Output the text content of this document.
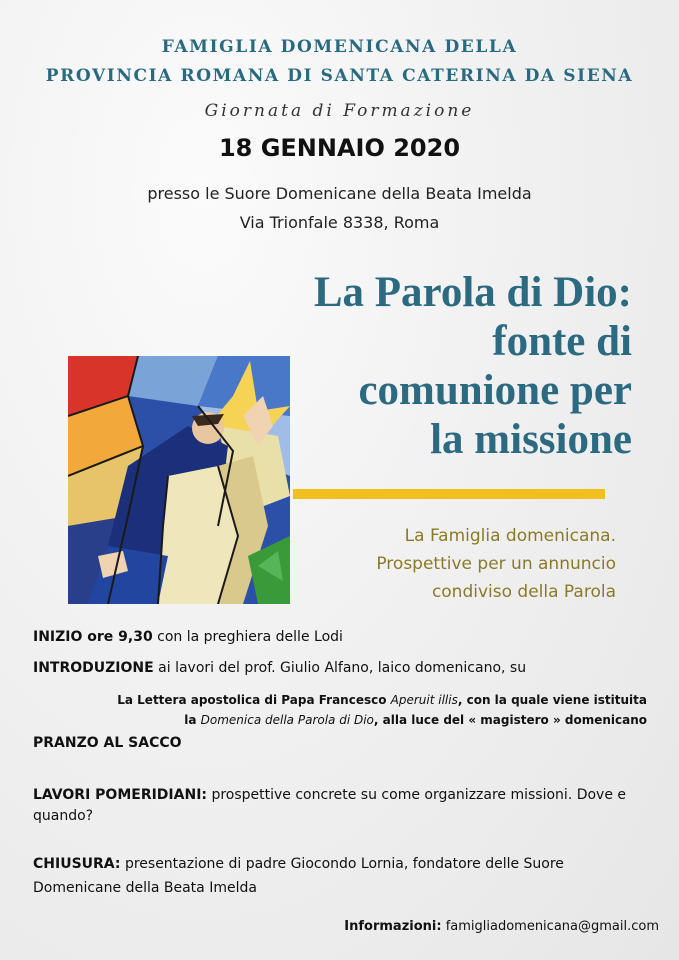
FAMIGLIA DOMENICANA DELLA
PROVINCIA ROMANA DI SANTA CATERINA DA SIENA
Giornata di Formazione
18 GENNAIO 2020
presso le Suore Domenicane della Beata Imelda
Via Trionfale 8338, Roma
La Parola di Dio:
fonte di
comunione per
la missione
La Famiglia domenicana.
Prospettive per un annuncio
condiviso della Parola
INIZIO ore 9,30 con la preghiera delle Lodi
INTRODUZIONE ai lavori del prof. Giulio Alfano, laico domenicano, su
La Lettera apostolica di Papa Francesco Aperuit illis, con la quale viene istituita
la Domenica della Parola di Dio, alla luce del « magistero » domenicano
PRANZO AL SACCO
LAVORI POMERIDIANI: prospettive concrete su come organizzare missioni. Dove e
quando?
CHIUSURA: presentazione di padre Giocondo Lornia, fondatore delle Suore
Domenicane della Beata Imelda
Informazioni: famigliadomenicana@gmail.com
